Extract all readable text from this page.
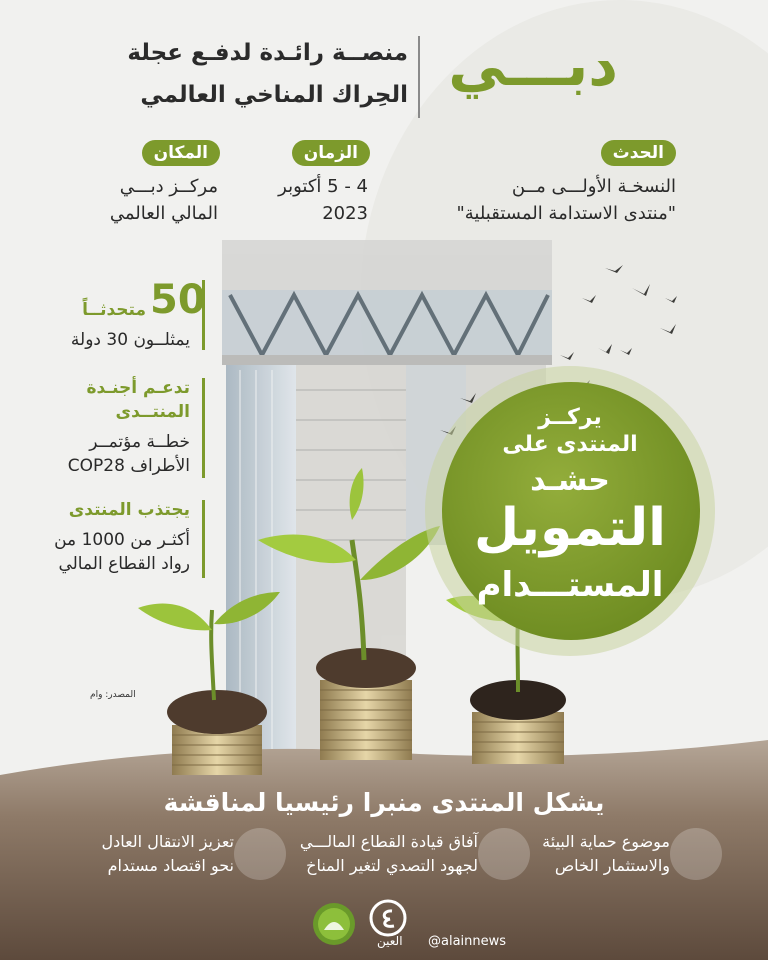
دبـــي
منصــة رائـدة لدفـع عجلة
الحِراك المناخي العالمي
الحدث
النسخـة الأولـــى مــن
"منتدى الاستدامة المستقبلية"
الزمان
4 - 5 أكتوبر
2023
المكان
مركــز دبـــي
المالي العالمي
50
متحدثــاً
يمثلــون 30 دولة
تدعـم أجنـدة
المنتــدى
خطــة مؤتمــر
الأطراف COP28
يجتذب المنتدى
أكثـر من 1000 من
رواد القطاع المالي
يركــز
المنتدى على
حشـد
التمويل
المستـــدام
المصدر: وام
يشكل المنتدى منبرا رئيسيا لمناقشة
موضوع حماية البيئة
والاستثمار الخاص
آفاق قيادة القطاع المالـــي
لجهود التصدي لتغير المناخ
تعزيز الانتقال العادل
نحو اقتصاد مستدام
العين @alainnews
